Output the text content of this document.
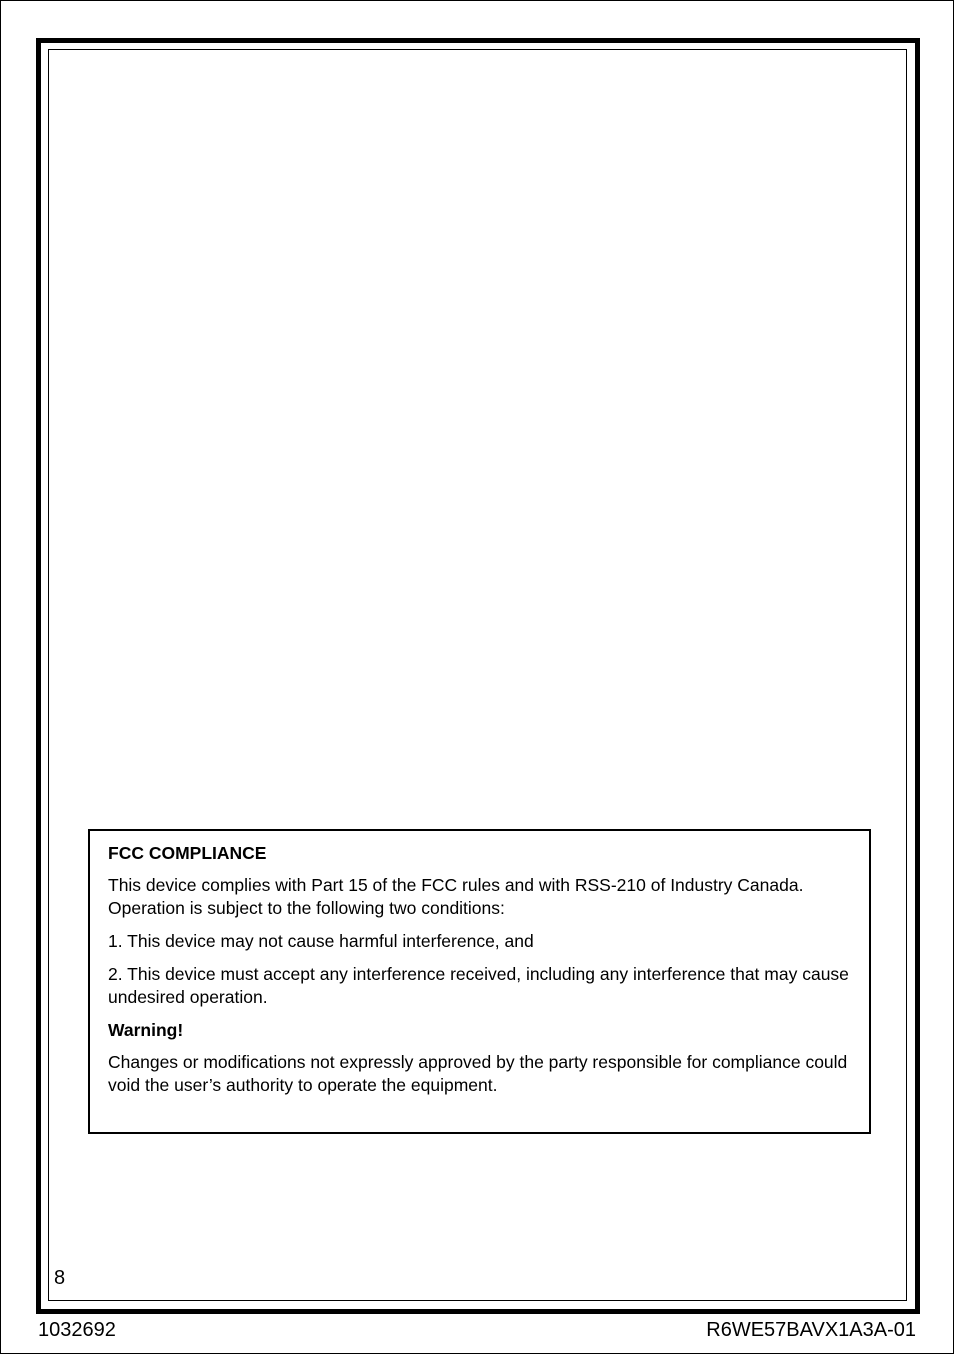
FCC COMPLIANCE
This device complies with Part 15 of the FCC rules and with RSS-210 of Industry Canada. Operation is subject to the following two conditions:
1. This device may not cause harmful interference, and
2. This device must accept any interference received, including any interference that may cause undesired operation.
Warning!
Changes or modifications not expressly approved by the party responsible for compliance could void the user’s authority to operate the equipment.
8
1032692	R6WE57BAVX1A3A-01
